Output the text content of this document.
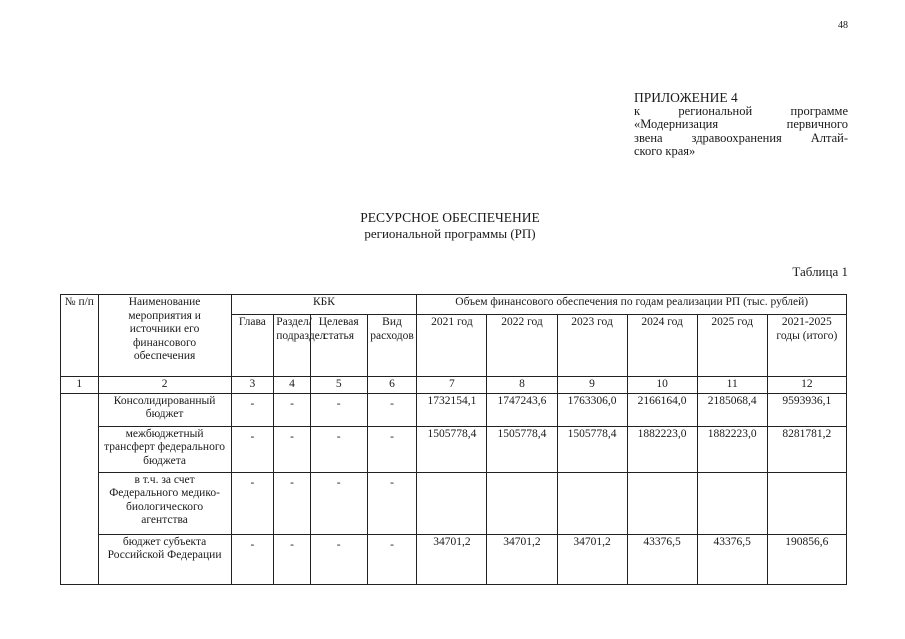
48
ПРИЛОЖЕНИЕ 4
к региональной программе
«Модернизация первичного
звена здравоохранения Алтай-
ского края»
РЕСУРСНОЕ ОБЕСПЕЧЕНИЕ
региональной программы (РП)
Таблица 1
№ п/п	Наименование мероприятия и источники его финансового обеспечения	КБК				Объем финансового обеспечения по годам реализации РП (тыс. рублей)					
		Глава	Раздел/подраздел	Целевая статья	Вид расходов	2021 год	2022 год	2023 год	2024 год	2025 год	2021-2025 годы (итого)
1	2	3	4	5	6	7	8	9	10	11	12
	Консолидированный бюджет	-	-	-	-	1732154,1	1747243,6	1763306,0	2166164,0	2185068,4	9593936,1
	межбюджетный трансферт федерального бюджета	-	-	-	-	1505778,4	1505778,4	1505778,4	1882223,0	1882223,0	8281781,2
	в т.ч. за счет Федерального медико-биологического агентства	-	-	-	-						
	бюджет субъекта Российской Федерации	-	-	-	-	34701,2	34701,2	34701,2	43376,5	43376,5	190856,6
